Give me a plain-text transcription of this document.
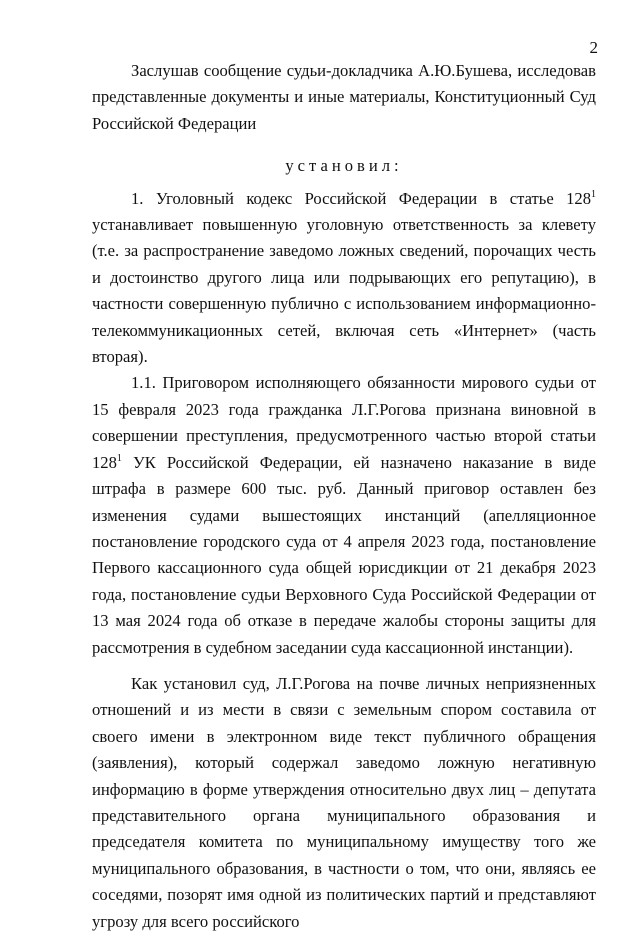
2

Заслушав сообщение судьи-докладчика А.Ю.Бушева, исследовав представленные документы и иные материалы, Конституционный Суд Российской Федерации

установил:

1. Уголовный кодекс Российской Федерации в статье $128^1$ устанавливает повышенную уголовную ответственность за клевету (т.е. за распространение заведомо ложных сведений, порочащих честь и достоинство другого лица или подрывающих его репутацию), в частности совершенную публично с использованием информационно-телекоммуникационных сетей, включая сеть «Интернет» (часть вторая).

1.1. Приговором исполняющего обязанности мирового судьи от 15 февраля 2023 года гражданка Л.Г.Рогова признана виновной в совершении преступления, предусмотренного частью второй статьи $128^1$ УК Российской Федерации, ей назначено наказание в виде штрафа в размере 600 тыс. руб. Данный приговор оставлен без изменения судами вышестоящих инстанций (апелляционное постановление городского суда от 4 апреля 2023 года, постановление Первого кассационного суда общей юрисдикции от 21 декабря 2023 года, постановление судьи Верховного Суда Российской Федерации от 13 мая 2024 года об отказе в передаче жалобы стороны защиты для рассмотрения в судебном заседании суда кассационной инстанции).

Как установил суд, Л.Г.Рогова на почве личных неприязненных отношений и из мести в связи с земельным спором составила от своего имени в электронном виде текст публичного обращения (заявления), который содержал заведомо ложную негативную информацию в форме утверждения относительно двух лиц – депутата представительного органа муниципального образования и председателя комитета по муниципальному имуществу того же муниципального образования, в частности о том, что они, являясь ее соседями, позорят имя одной из политических партий и представляют угрозу для всего российского
